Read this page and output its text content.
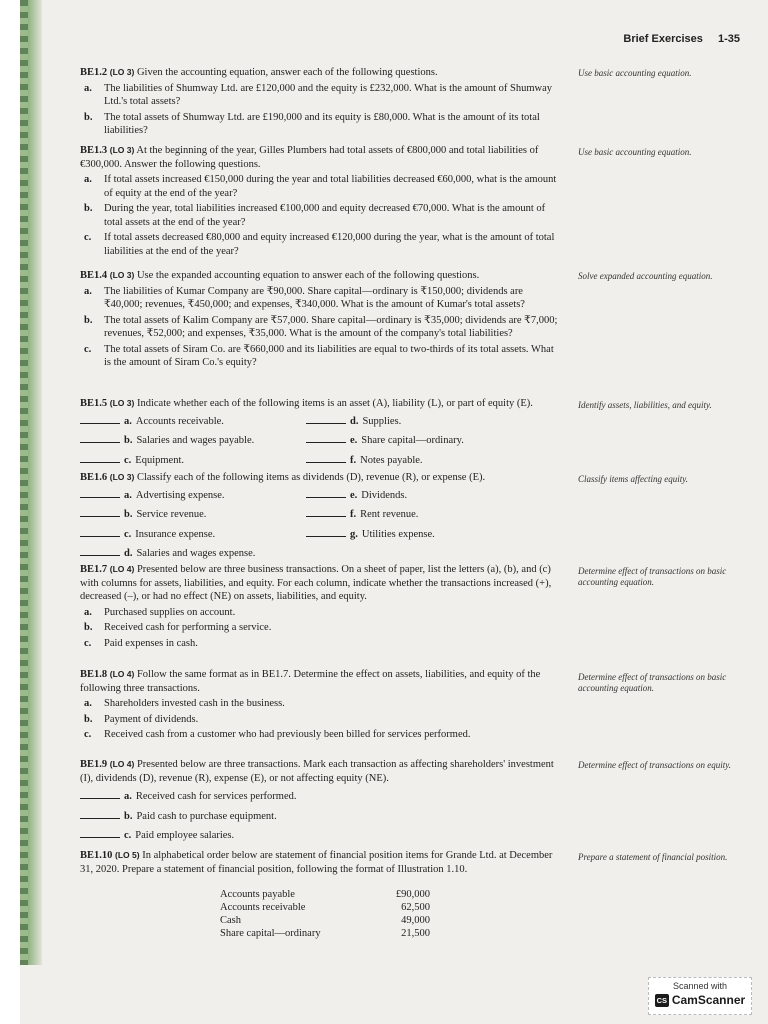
Brief Exercises 1-35

BE1.2 (LO 3) Given the accounting equation, answer each of the following questions.

a.	The liabilities of Shumway Ltd. are £120,000 and the equity is £232,000. What is the amount of Shumway Ltd.'s total assets?
b.	The total assets of Shumway Ltd. are £190,000 and its equity is £80,000. What is the amount of its total liabilities?
Use basic accounting equation.

BE1.3 (LO 3) At the beginning of the year, Gilles Plumbers had total assets of €800,000 and total liabilities of €300,000. Answer the following questions.

a.	If total assets increased €150,000 during the year and total liabilities decreased €60,000, what is the amount of equity at the end of the year?
b.	During the year, total liabilities increased €100,000 and equity decreased €70,000. What is the amount of total assets at the end of the year?
c.	If total assets decreased €80,000 and equity increased €120,000 during the year, what is the amount of total liabilities at the end of the year?
Use basic accounting equation.

BE1.4 (LO 3) Use the expanded accounting equation to answer each of the following questions.

a.	The liabilities of Kumar Company are ₹90,000. Share capital—ordinary is ₹150,000; dividends are ₹40,000; revenues, ₹450,000; and expenses, ₹340,000. What is the amount of Kumar's total assets?
b.	The total assets of Kalim Company are ₹57,000. Share capital—ordinary is ₹35,000; dividends are ₹7,000; revenues, ₹52,000; and expenses, ₹35,000. What is the amount of the company's total liabilities?
c.	The total assets of Siram Co. are ₹660,000 and its liabilities are equal to two-thirds of its total assets. What is the amount of Siram Co.'s equity?
Solve expanded accounting equation.

BE1.5 (LO 3) Indicate whether each of the following items is an asset (A), liability (L), or part of equity (E).

a. Accounts receivable.	d. Supplies.
b. Salaries and wages payable.	e. Share capital—ordinary.
c. Equipment.	f. Notes payable.
Identify assets, liabilities, and equity.

BE1.6 (LO 3) Classify each of the following items as dividends (D), revenue (R), or expense (E).

a. Advertising expense.	e. Dividends.
b. Service revenue.	f. Rent revenue.
c. Insurance expense.	g. Utilities expense.
d. Salaries and wages expense.
Classify items affecting equity.

BE1.7 (LO 4) Presented below are three business transactions. On a sheet of paper, list the letters (a), (b), and (c) with columns for assets, liabilities, and equity. For each column, indicate whether the transactions increased (+), decreased (–), or had no effect (NE) on assets, liabilities, and equity.

a.	Purchased supplies on account.
b.	Received cash for performing a service.
c.	Paid expenses in cash.
Determine effect of transactions on basic accounting equation.

BE1.8 (LO 4) Follow the same format as in BE1.7. Determine the effect on assets, liabilities, and equity of the following three transactions.

a.	Shareholders invested cash in the business.
b.	Payment of dividends.
c.	Received cash from a customer who had previously been billed for services performed.
Determine effect of transactions on basic accounting equation.

BE1.9 (LO 4) Presented below are three transactions. Mark each transaction as affecting shareholders' investment (I), dividends (D), revenue (R), expense (E), or not affecting equity (NE).

a. Received cash for services performed.
b. Paid cash to purchase equipment.
c. Paid employee salaries.
Determine effect of transactions on equity.

BE1.10 (LO 5) In alphabetical order below are statement of financial position items for Grande Ltd. at December 31, 2020. Prepare a statement of financial position, following the format of Illustration 1.10.

Accounts payable	£90,000
Accounts receivable	62,500
Cash	49,000
Share capital—ordinary	21,500
Prepare a statement of financial position.
Scanned with
CS CamScanner
